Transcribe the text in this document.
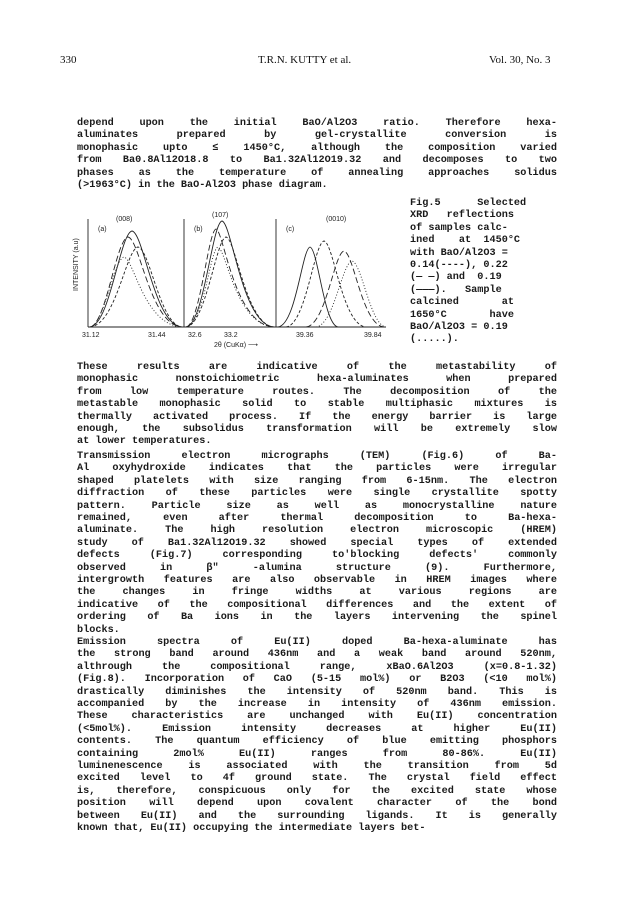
330	T.R.N. KUTTY et al.	Vol. 30, No. 3

depend upon the initial BaO/Al2O3 ratio. Therefore hexa-

aluminates prepared by gel-crystallite conversion is

monophasic upto ≤ 1450°C, although the composition varied

from Ba0.8Al12O18.8 to Ba1.32Al12O19.32 and decomposes to two

phases as the temperature of annealing approaches solidus

(>1963°C) in the BaO-Al2O3 phase diagram.

INTENSITY (a.u)
(a)	(b)	(c)
(008)
(107)
(0010)
31.12	31.44	32.6	33.2	39.36	39.84
2θ (CuKα) ⟶

Fig.5      Selected

XRD   reflections

of samples calc-

ined    at  1450°C

with BaO/Al2O3 =

0.14(----), 0.22

(— —) and  0.19

(———).   Sample

calcined       at

1650°C       have

BaO/Al2O3 = 0.19

(.....).

These results are indicative of the metastability of

monophasic nonstoichiometric hexa-aluminates when prepared

from low temperature routes. The decomposition of the

metastable monophasic solid to stable multiphasic mixtures is

thermally activated process. If the energy barrier is large

enough, the subsolidus transformation will be extremely slow

at lower temperatures.

Transmission electron micrographs (TEM) (Fig.6) of Ba-

Al oxyhydroxide indicates that the particles were irregular

shaped platelets with size ranging from 6-15nm. The electron

diffraction of these particles were single crystallite spotty

pattern. Particle size as well as monocrystalline nature

remained, even after thermal decomposition to Ba-hexa-

aluminate. The high resolution electron microscopic (HREM)

study of Ba1.32Al12O19.32 showed special types of extended

defects (Fig.7) corresponding to'blocking defects' commonly

observed in β" -alumina structure (9). Furthermore,

intergrowth features are also observable in HREM images where

the changes in fringe widths at various regions are

indicative of the compositional differences and the extent of

ordering of Ba ions in the layers intervening the spinel

blocks.

Emission spectra of Eu(II) doped Ba-hexa-aluminate has

the strong band around 436nm and a weak band around 520nm,

althrough the compositional range, xBaO.6Al2O3 (x=0.8-1.32)

(Fig.8). Incorporation of CaO (5-15 mol%) or B2O3 (<10 mol%)

drastically diminishes the intensity of 520nm band. This is

accompanied by the increase in intensity of 436nm emission.

These characteristics are unchanged with Eu(II) concentration

(<5mol%). Emission intensity decreases at higher Eu(II)

contents. The quantum efficiency of blue emitting phosphors

containing 2mol% Eu(II) ranges from 80-86%. Eu(II)

luminenescence is associated with the transition from 5d

excited level to 4f ground state. The crystal field effect

is, therefore, conspicuous only for the excited state whose

position will depend upon covalent character of the bond

between Eu(II) and the surrounding ligands. It is generally

known that, Eu(II) occupying the intermediate layers bet-
